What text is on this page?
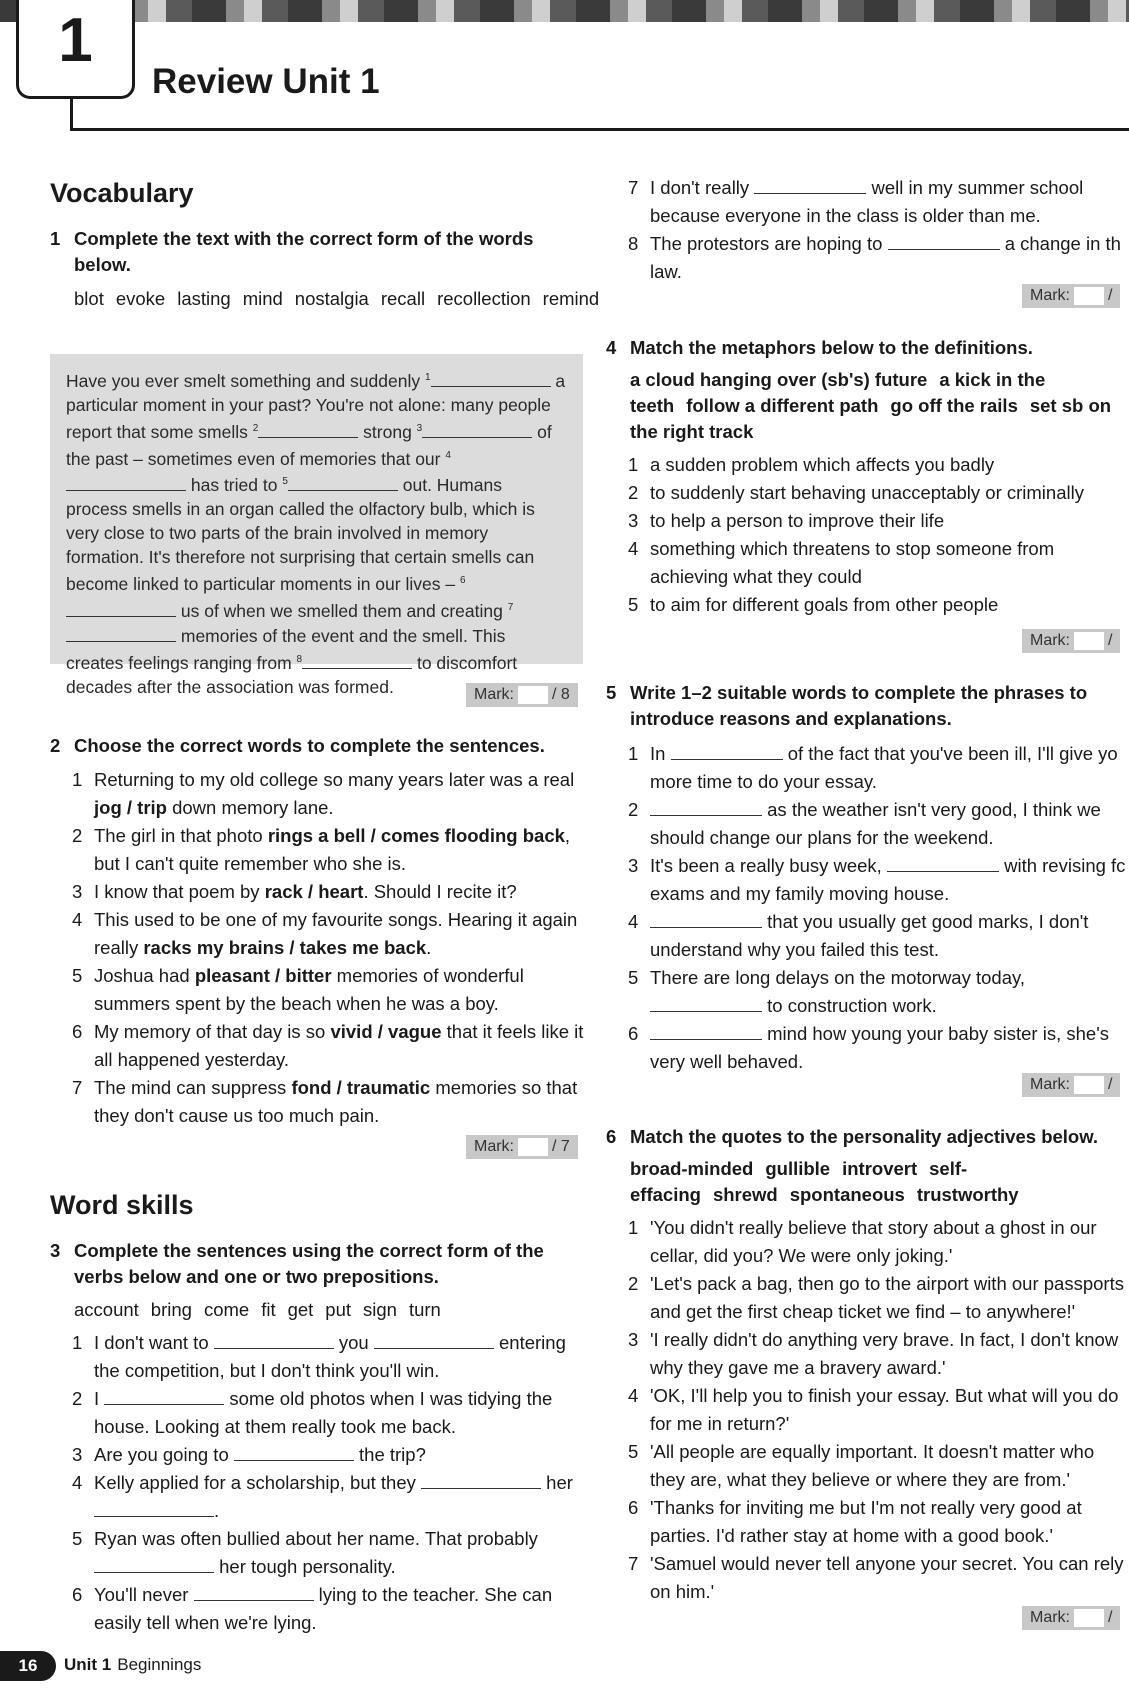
1
Review Unit 1
Vocabulary
1 Complete the text with the correct form of the words below.
blot evoke lasting mind nostalgia recall recollection remind
Have you ever smelt something and suddenly $^1$	a particular moment in your past? You're not alone: many people report that some smells $^2$	strong $^3$	of the past – sometimes even of memories that our $^4$ has tried to $^5$	out. Humans process smells in an organ called the olfactory bulb, which is very close to two parts of the brain involved in memory formation. It's therefore not surprising that certain smells can become linked to particular moments in our lives – $^6$ us of when we smelled them and creating $^7$ memories of the event and the smell. This creates feelings ranging from $^8$	to discomfort decades after the association was formed.	Mark: / 8
2 Choose the correct words to complete the sentences.
1 Returning to my old college so many years later was a real jog / trip down memory lane.
2 The girl in that photo rings a bell / comes flooding back, but I can't quite remember who she is.
3 I know that poem by rack / heart. Should I recite it?
4 This used to be one of my favourite songs. Hearing it again really racks my brains / takes me back.
5 Joshua had pleasant / bitter memories of wonderful summers spent by the beach when he was a boy.
6 My memory of that day is so vivid / vague that it feels like it all happened yesterday.
7 The mind can suppress fond / traumatic memories so that they don't cause us too much pain.
Mark: / 7
Word skills
3 Complete the sentences using the correct form of the verbs below and one or two prepositions.
account bring come fit get put sign turn
1 I don't want to	you	entering the competition, but I don't think you'll win.
2 I	some old photos when I was tidying the house. Looking at them really took me back.
3 Are you going to	the trip?
4 Kelly applied for a scholarship, but they	her
.
5 Ryan was often bullied about her name. That probably
her tough personality.
6 You'll never	lying to the teacher. She can easily tell when we're lying.
16	Unit 1 Beginnings
7 I don't really	well in my summer school because everyone in the class is older than me.
8 The protestors are hoping to	a change in th
law.
Mark: /
4 Match the metaphors below to the definitions.
a cloud hanging over (sb's) future a kick in the teeth follow a different path go off the rails set sb on the right track
1 a sudden problem which affects you badly
2 to suddenly start behaving unacceptably or criminally
3 to help a person to improve their life
4 something which threatens to stop someone from achieving what they could
5 to aim for different goals from other people
Mark: /
5 Write 1–2 suitable words to complete the phrases to introduce reasons and explanations.
1 In	of the fact that you've been ill, I'll give yo
more time to do your essay.
2	as the weather isn't very good, I think we
should change our plans for the weekend.
3 It's been a really busy week,	with revising fc
exams and my family moving house.
4	that you usually get good marks, I don't
understand why you failed this test.
5 There are long delays on the motorway today,
to construction work.
6	mind how young your baby sister is, she's
very well behaved.
Mark: /
6 Match the quotes to the personality adjectives below.
broad-minded gullible introvert self-effacing shrewd spontaneous trustworthy
1 'You didn't really believe that story about a ghost in our
cellar, did you? We were only joking.'
2 'Let's pack a bag, then go to the airport with our passports
and get the first cheap ticket we find – to anywhere!'
3 'I really didn't do anything very brave. In fact, I don't know
why they gave me a bravery award.'
4 'OK, I'll help you to finish your essay. But what will you do
for me in return?'
5 'All people are equally important. It doesn't matter who
they are, what they believe or where they are from.'
6 'Thanks for inviting me but I'm not really very good at
parties. I'd rather stay at home with a good book.'
7 'Samuel would never tell anyone your secret. You can rely
on him.'
Mark: /
